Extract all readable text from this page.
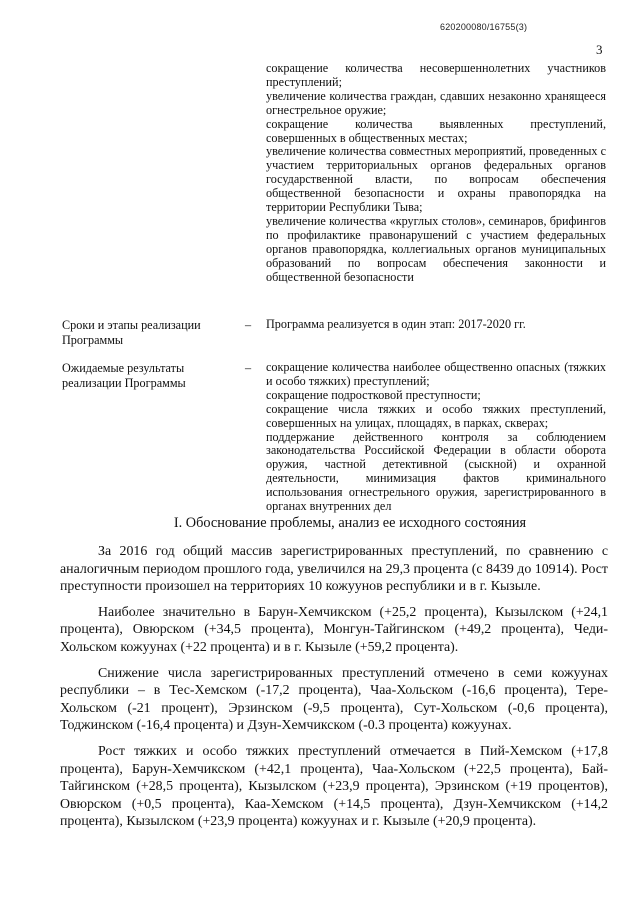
620200080/16755(3)
3

сокращение количества несовершеннолетних участников преступлений;

увеличение количества граждан, сдавших незаконно хранящееся огнестрельное оружие;

сокращение количества выявленных преступлений, совершенных в общественных местах;

увеличение количества совместных мероприятий, проведенных с участием территориальных органов федеральных органов государственной власти, по вопросам обеспечения общественной безопасности и охраны правопорядка на территории Республики Тыва;

увеличение количества «круглых столов», семинаров, брифингов по профилактике правонарушений с участием федеральных органов правопорядка, коллегиальных органов муниципальных образований по вопросам обеспечения законности и общественной безопасности

Сроки и этапы реализации Программы
– Программа реализуется в один этап: 2017-2020 гг.

Ожидаемые результаты реализации Программы
– сокращение количества наиболее общественно опасных (тяжких и особо тяжких) преступлений;

сокращение подростковой преступности;

сокращение числа тяжких и особо тяжких преступлений, совершенных на улицах, площадях, в парках, скверах;

поддержание действенного контроля за соблюдением законодательства Российской Федерации в области оборота оружия, частной детективной (сыскной) и охранной деятельности, минимизация фактов криминального использования огнестрельного оружия, зарегистрированного в органах внутренних дел

I. Обоснование проблемы, анализ ее исходного состояния

За 2016 год общий массив зарегистрированных преступлений, по сравнению с аналогичным периодом прошлого года, увеличился на 29,3 процента (с 8439 до 10914). Рост преступности произошел на территориях 10 кожуунов республики и в г. Кызыле.

Наиболее значительно в Барун-Хемчикском (+25,2 процента), Кызылском (+24,1 процента), Овюрском (+34,5 процента), Монгун-Тайгинском (+49,2 процента), Чеди-Хольском кожуунах (+22 процента) и в г. Кызыле (+59,2 процента).

Снижение числа зарегистрированных преступлений отмечено в семи кожуунах республики – в Тес-Хемском (-17,2 процента), Чаа-Хольском (-16,6 процента), Тере-Хольском (-21 процент), Эрзинском (-9,5 процента), Сут-Хольском (-0,6 процента), Тоджинском (-16,4 процента) и Дзун-Хемчикском (-0.3 процента) кожуунах.

Рост тяжких и особо тяжких преступлений отмечается в Пий-Хемском (+17,8 процента), Барун-Хемчикском (+42,1 процента), Чаа-Хольском (+22,5 процента), Бай-Тайгинском (+28,5 процента), Кызылском (+23,9 процента), Эрзинском (+19 процентов), Овюрском (+0,5 процента), Каа-Хемском (+14,5 процента), Дзун-Хемчикском (+14,2 процента), Кызылском (+23,9 процента) кожуунах и г. Кызыле (+20,9 процента).
